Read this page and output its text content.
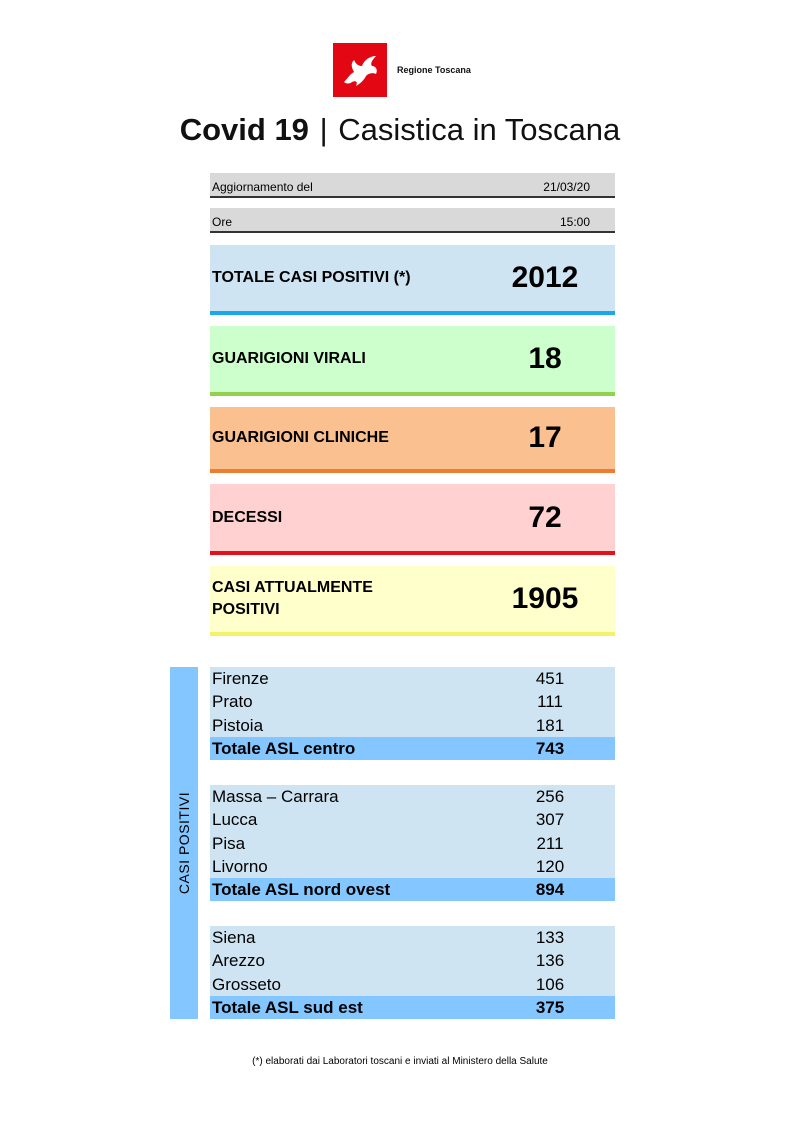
Regione Toscana
Covid 19 | Casistica in Toscana
Aggiornamento del	21/03/20
Ore	15:00
TOTALE CASI POSITIVI (*)	2012
GUARIGIONI VIRALI	18
GUARIGIONI CLINICHE	17
DECESSI	72
CASI ATTUALMENTE POSITIVI	1905
CASI POSITIVI
Firenze	451
Prato	111
Pistoia	181
Totale ASL centro	743
Massa – Carrara	256
Lucca	307
Pisa	211
Livorno	120
Totale ASL nord ovest	894
Siena	133
Arezzo	136
Grosseto	106
Totale ASL sud est	375
(*) elaborati dai Laboratori toscani e inviati al Ministero della Salute
